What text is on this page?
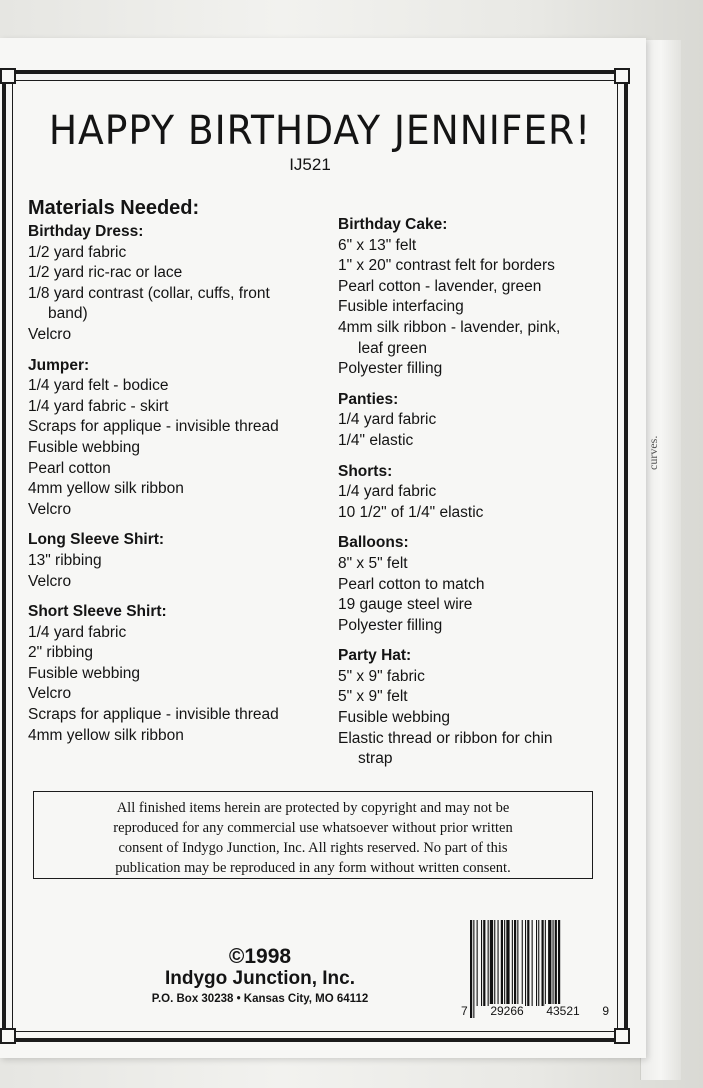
curves.
HAPPY BIRTHDAY JENNIFER!
IJ521
Materials Needed:
Birthday Dress:
1/2 yard fabric
1/2 yard ric-rac or lace
1/8 yard contrast (collar, cuffs, front
band)
Velcro
Jumper:
1/4 yard felt - bodice
1/4 yard fabric - skirt
Scraps for applique - invisible thread
Fusible webbing
Pearl cotton
4mm yellow silk ribbon
Velcro
Long Sleeve Shirt:
13" ribbing
Velcro
Short Sleeve Shirt:
1/4 yard fabric
2" ribbing
Fusible webbing
Velcro
Scraps for applique - invisible thread
4mm yellow silk ribbon
Birthday Cake:
6" x 13" felt
1" x 20" contrast felt for borders
Pearl cotton - lavender, green
Fusible interfacing
4mm silk ribbon - lavender, pink,
leaf green
Polyester filling
Panties:
1/4 yard fabric
1/4" elastic
Shorts:
1/4 yard fabric
10 1/2" of 1/4" elastic
Balloons:
8" x 5" felt
Pearl cotton to match
19 gauge steel wire
Polyester filling
Party Hat:
5" x 9" fabric
5" x 9" felt
Fusible webbing
Elastic thread or ribbon for chin
strap
All finished items herein are protected by copyright and may not be
reproduced for any commercial use whatsoever without prior written
consent of Indygo Junction, Inc. All rights reserved. No part of this
publication may be reproduced in any form without written consent.
©1998
Indygo Junction, Inc.
P.O. Box 30238 • Kansas City, MO 64112
7 29266 43521 9
